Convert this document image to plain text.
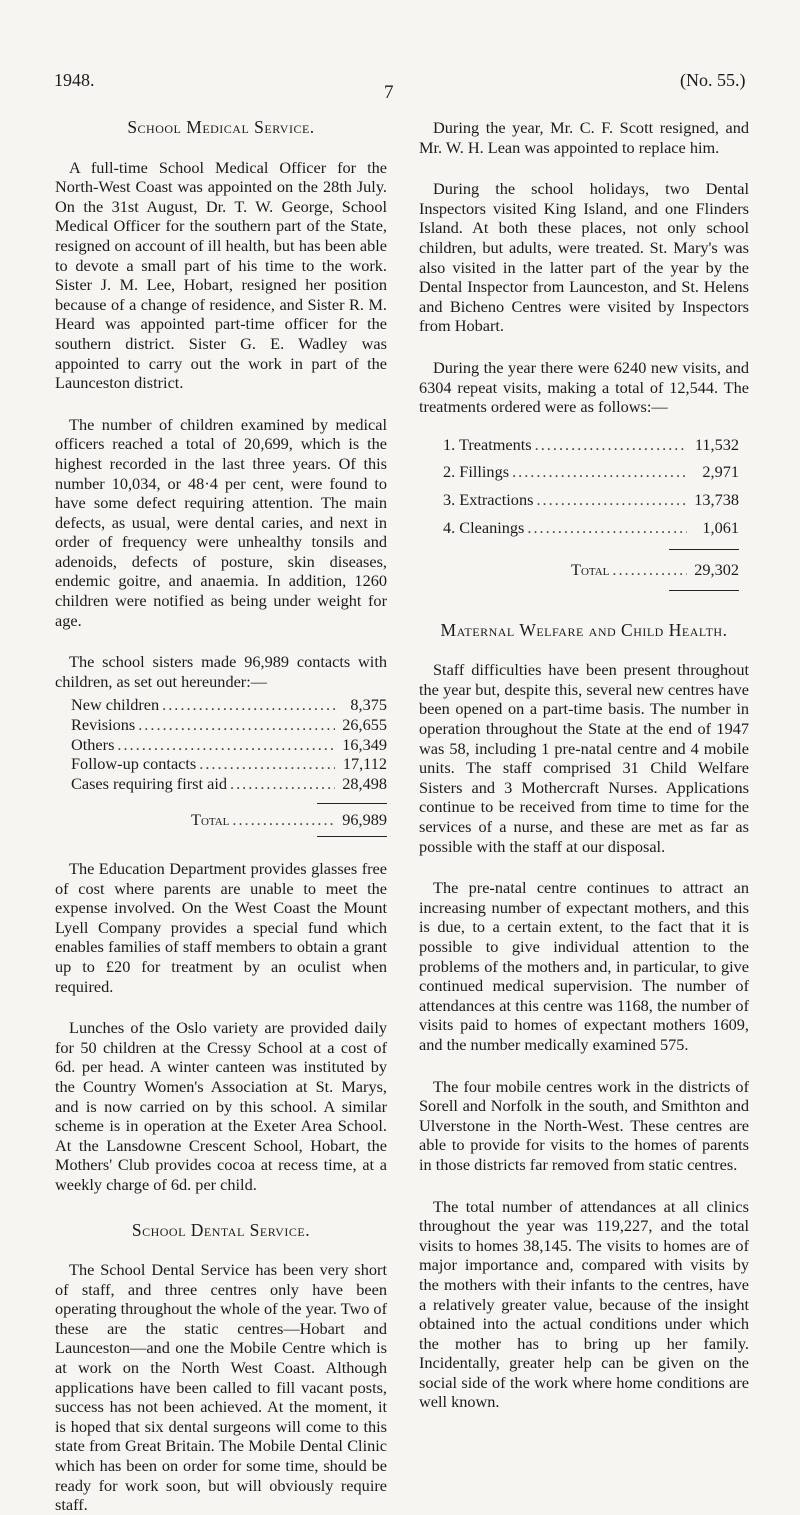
1948.
7
(No. 55.)
School Medical Service.

A full-time School Medical Officer for the North-West Coast was appointed on the 28th July. On the 31st August, Dr. T. W. George, School Medical Officer for the southern part of the State, resigned on account of ill health, but has been able to devote a small part of his time to the work. Sister J. M. Lee, Hobart, resigned her position because of a change of residence, and Sister R. M. Heard was appointed part-time officer for the southern district. Sister G. E. Wadley was appointed to carry out the work in part of the Launceston district.

The number of children examined by medical officers reached a total of 20,699, which is the highest recorded in the last three years. Of this number 10,034, or 48·4 per cent, were found to have some defect requiring attention. The main defects, as usual, were dental caries, and next in order of frequency were unhealthy tonsils and adenoids, defects of posture, skin diseases, endemic goitre, and anaemia. In addition, 1260 children were notified as being under weight for age.

The school sisters made 96,989 contacts with children, as set out hereunder:—

New children .....	8,375
Revisions .....	26,655
Others .....	16,349
Follow-up contacts .....	17,112
Cases requiring first aid .....	28,498
Total .....	96,989

The Education Department provides glasses free of cost where parents are unable to meet the expense involved. On the West Coast the Mount Lyell Company provides a special fund which enables families of staff members to obtain a grant up to £20 for treatment by an oculist when required.

Lunches of the Oslo variety are provided daily for 50 children at the Cressy School at a cost of 6d. per head. A winter canteen was instituted by the Country Women's Association at St. Marys, and is now carried on by this school. A similar scheme is in operation at the Exeter Area School. At the Lansdowne Crescent School, Hobart, the Mothers' Club provides cocoa at recess time, at a weekly charge of 6d. per child.

School Dental Service.

The School Dental Service has been very short of staff, and three centres only have been operating throughout the whole of the year. Two of these are the static centres—Hobart and Launceston—and one the Mobile Centre which is at work on the North West Coast. Although applications have been called to fill vacant posts, success has not been achieved. At the moment, it is hoped that six dental surgeons will come to this state from Great Britain. The Mobile Dental Clinic which has been on order for some time, should be ready for work soon, but will obviously require staff.

During the year, Mr. C. F. Scott resigned, and Mr. W. H. Lean was appointed to replace him.

During the school holidays, two Dental Inspectors visited King Island, and one Flinders Island. At both these places, not only school children, but adults, were treated. St. Mary's was also visited in the latter part of the year by the Dental Inspector from Launceston, and St. Helens and Bicheno Centres were visited by Inspectors from Hobart.

During the year there were 6240 new visits, and 6304 repeat visits, making a total of 12,544. The treatments ordered were as follows:—

1. Treatments .....	11,532
2. Fillings .....	2,971
3. Extractions .....	13,738
4. Cleanings .....	1,061
Total .....	29,302
Maternal Welfare and Child Health.

Staff difficulties have been present throughout the year but, despite this, several new centres have been opened on a part-time basis. The number in operation throughout the State at the end of 1947 was 58, including 1 pre-natal centre and 4 mobile units. The staff comprised 31 Child Welfare Sisters and 3 Mothercraft Nurses. Applications continue to be received from time to time for the services of a nurse, and these are met as far as possible with the staff at our disposal.

The pre-natal centre continues to attract an increasing number of expectant mothers, and this is due, to a certain extent, to the fact that it is possible to give individual attention to the problems of the mothers and, in particular, to give continued medical supervision. The number of attendances at this centre was 1168, the number of visits paid to homes of expectant mothers 1609, and the number medically examined 575.

The four mobile centres work in the districts of Sorell and Norfolk in the south, and Smithton and Ulverstone in the North-West. These centres are able to provide for visits to the homes of parents in those districts far removed from static centres.

The total number of attendances at all clinics throughout the year was 119,227, and the total visits to homes 38,145. The visits to homes are of major importance and, compared with visits by the mothers with their infants to the centres, have a relatively greater value, because of the insight obtained into the actual conditions under which the mother has to bring up her family. Incidentally, greater help can be given on the social side of the work where home conditions are well known.
